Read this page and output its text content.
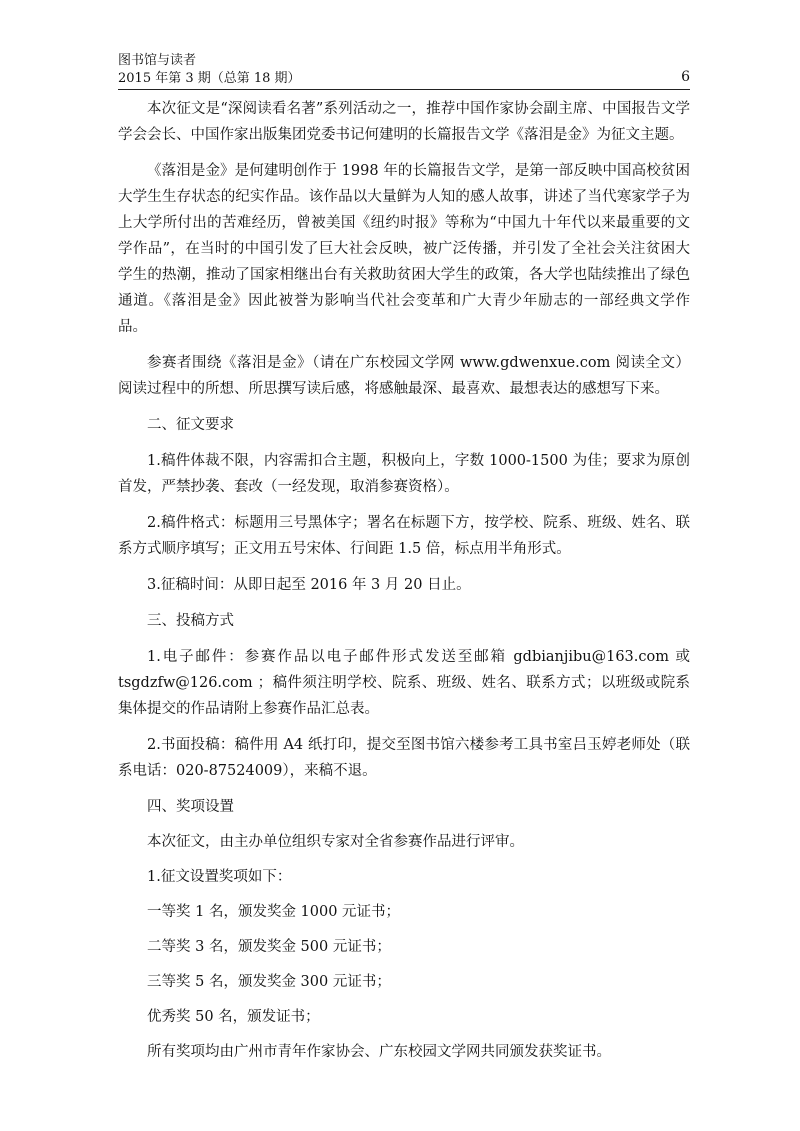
图书馆与读者
2015 年第 3 期（总第 18 期）	6

本次征文是“深阅读看名著”系列活动之一，推荐中国作家协会副主席、中国报告文学学会会长、中国作家出版集团党委书记何建明的长篇报告文学《落泪是金》为征文主题。

《落泪是金》是何建明创作于 1998 年的长篇报告文学，是第一部反映中国高校贫困大学生生存状态的纪实作品。该作品以大量鲜为人知的感人故事，讲述了当代寒家学子为上大学所付出的苦难经历，曾被美国《纽约时报》等称为“中国九十年代以来最重要的文学作品”，在当时的中国引发了巨大社会反映，被广泛传播，并引发了全社会关注贫困大学生的热潮，推动了国家相继出台有关救助贫困大学生的政策，各大学也陆续推出了绿色通道。《落泪是金》因此被誉为影响当代社会变革和广大青少年励志的一部经典文学作品。

参赛者围绕《落泪是金》（请在广东校园文学网 www.gdwenxue.com 阅读全文）阅读过程中的所想、所思撰写读后感，将感触最深、最喜欢、最想表达的感想写下来。

二、征文要求

1.稿件体裁不限，内容需扣合主题，积极向上，字数 1000-1500 为佳；要求为原创首发，严禁抄袭、套改（一经发现，取消参赛资格）。

2.稿件格式：标题用三号黑体字；署名在标题下方，按学校、院系、班级、姓名、联系方式顺序填写；正文用五号宋体、行间距 1.5 倍，标点用半角形式。

3.征稿时间：从即日起至 2016 年 3 月 20 日止。

三、投稿方式

1.电子邮件：参赛作品以电子邮件形式发送至邮箱 gdbianjibu@163.com 或 tsgdzfw@126.com ；稿件须注明学校、院系、班级、姓名、联系方式；以班级或院系集体提交的作品请附上参赛作品汇总表。

2.书面投稿：稿件用 A4 纸打印，提交至图书馆六楼参考工具书室吕玉婷老师处（联系电话：020-87524009），来稿不退。

四、奖项设置

本次征文，由主办单位组织专家对全省参赛作品进行评审。

1.征文设置奖项如下：

一等奖 1 名，颁发奖金 1000 元证书；

二等奖 3 名，颁发奖金 500 元证书；

三等奖 5 名，颁发奖金 300 元证书；

优秀奖 50 名，颁发证书；

所有奖项均由广州市青年作家协会、广东校园文学网共同颁发获奖证书。
